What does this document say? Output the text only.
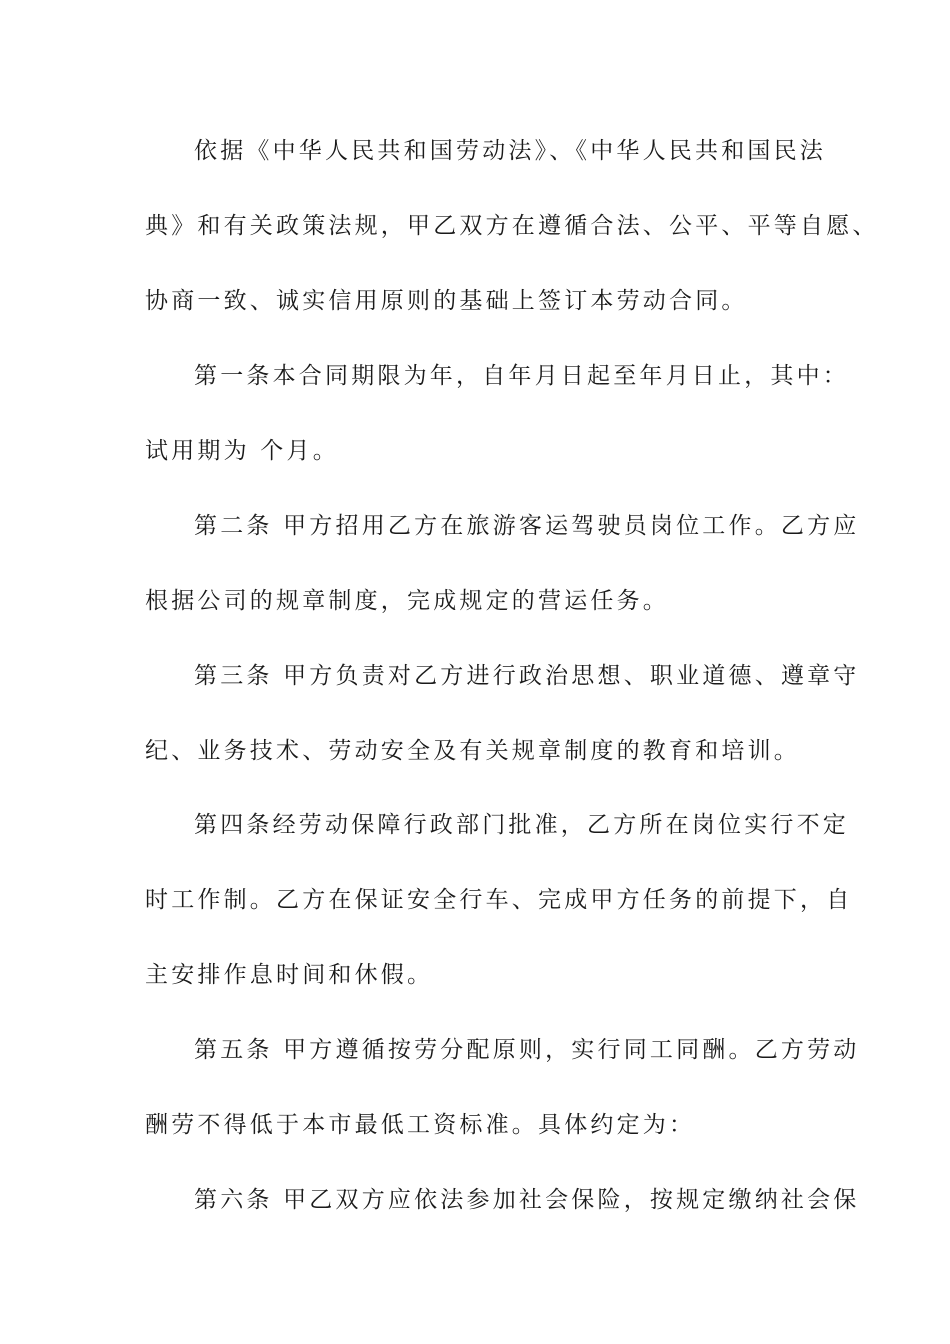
依据《中华人民共和国劳动法》、《中华人民共和国民法
典》和有关政策法规，甲乙双方在遵循合法、公平、平等自愿、
协商一致、诚实信用原则的基础上签订本劳动合同。
第一条本合同期限为年，自年月日起至年月日止，其中：
试用期为 个月。
第二条 甲方招用乙方在旅游客运驾驶员岗位工作。乙方应
根据公司的规章制度，完成规定的营运任务。
第三条 甲方负责对乙方进行政治思想、职业道德、遵章守
纪、业务技术、劳动安全及有关规章制度的教育和培训。
第四条经劳动保障行政部门批准，乙方所在岗位实行不定
时工作制。乙方在保证安全行车、完成甲方任务的前提下，自
主安排作息时间和休假。
第五条 甲方遵循按劳分配原则，实行同工同酬。乙方劳动
酬劳不得低于本市最低工资标准。具体约定为：
第六条 甲乙双方应依法参加社会保险，按规定缴纳社会保
